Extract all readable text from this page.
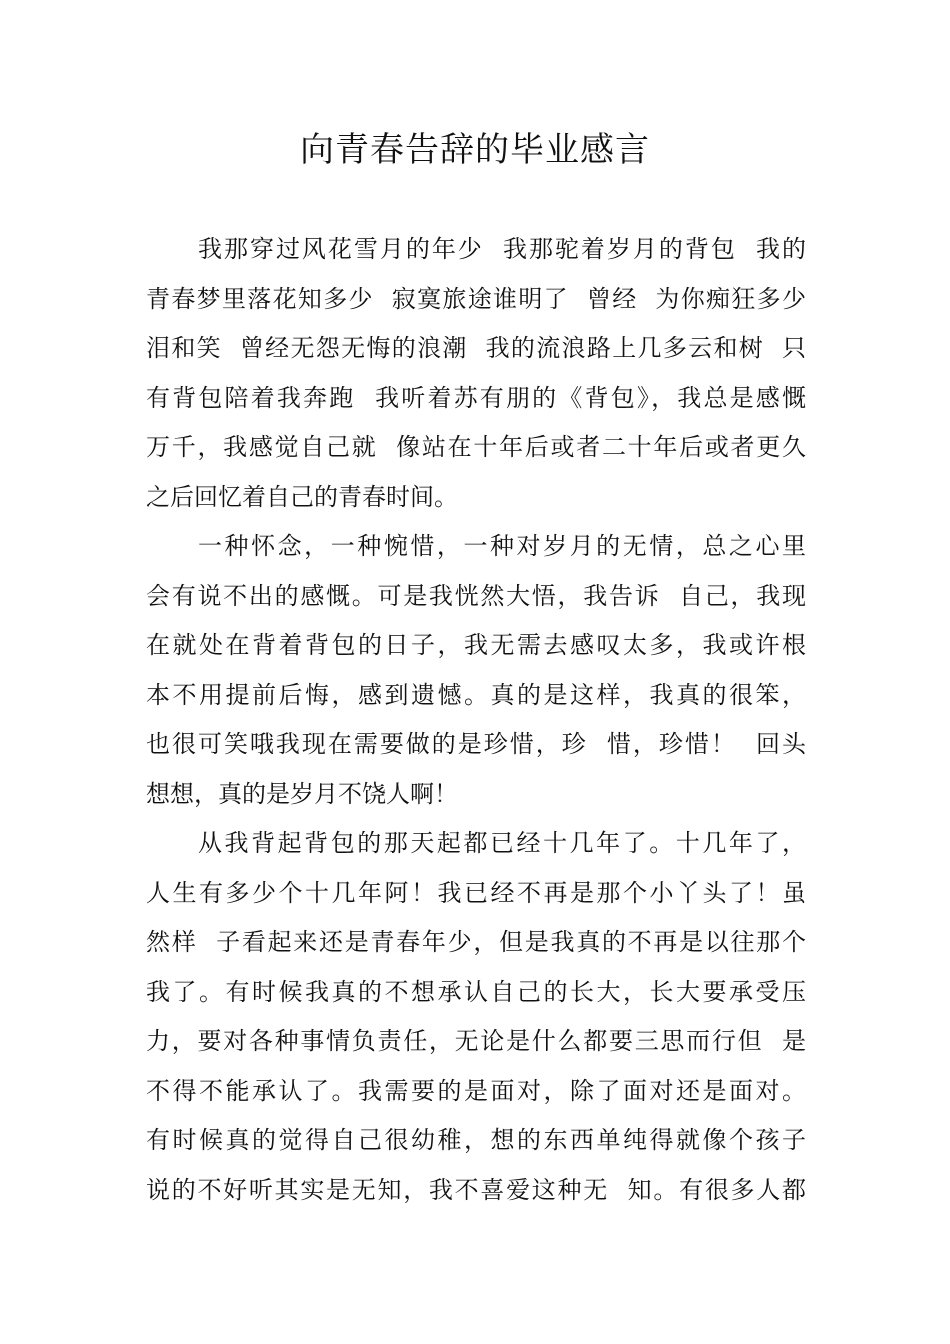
向青春告辞的毕业感言
我那穿过风花雪月的年少  我那驼着岁月的背包  我的
青春梦里落花知多少  寂寞旅途谁明了  曾经  为你痴狂多少
泪和笑  曾经无怨无悔的浪潮  我的流浪路上几多云和树  只
有背包陪着我奔跑  我听着苏有朋的《背包》，我总是感慨
万千，我感觉自己就  像站在十年后或者二十年后或者更久
之后回忆着自己的青春时间。
一种怀念，一种惋惜，一种对岁月的无情，总之心里
会有说不出的感慨。可是我恍然大悟，我告诉  自己，我现
在就处在背着背包的日子，我无需去感叹太多，我或许根
本不用提前后悔，感到遗憾。真的是这样，我真的很笨，
也很可笑哦我现在需要做的是珍惜，珍  惜，珍惜！  回头
想想，真的是岁月不饶人啊！
从我背起背包的那天起都已经十几年了。十几年了，
人生有多少个十几年阿！我已经不再是那个小丫头了！虽
然样  子看起来还是青春年少，但是我真的不再是以往那个
我了。有时候我真的不想承认自己的长大，长大要承受压
力，要对各种事情负责任，无论是什么都要三思而行但  是
不得不能承认了。我需要的是面对，除了面对还是面对。
有时候真的觉得自己很幼稚，想的东西单纯得就像个孩子
说的不好听其实是无知，我不喜爱这种无  知。有很多人都
